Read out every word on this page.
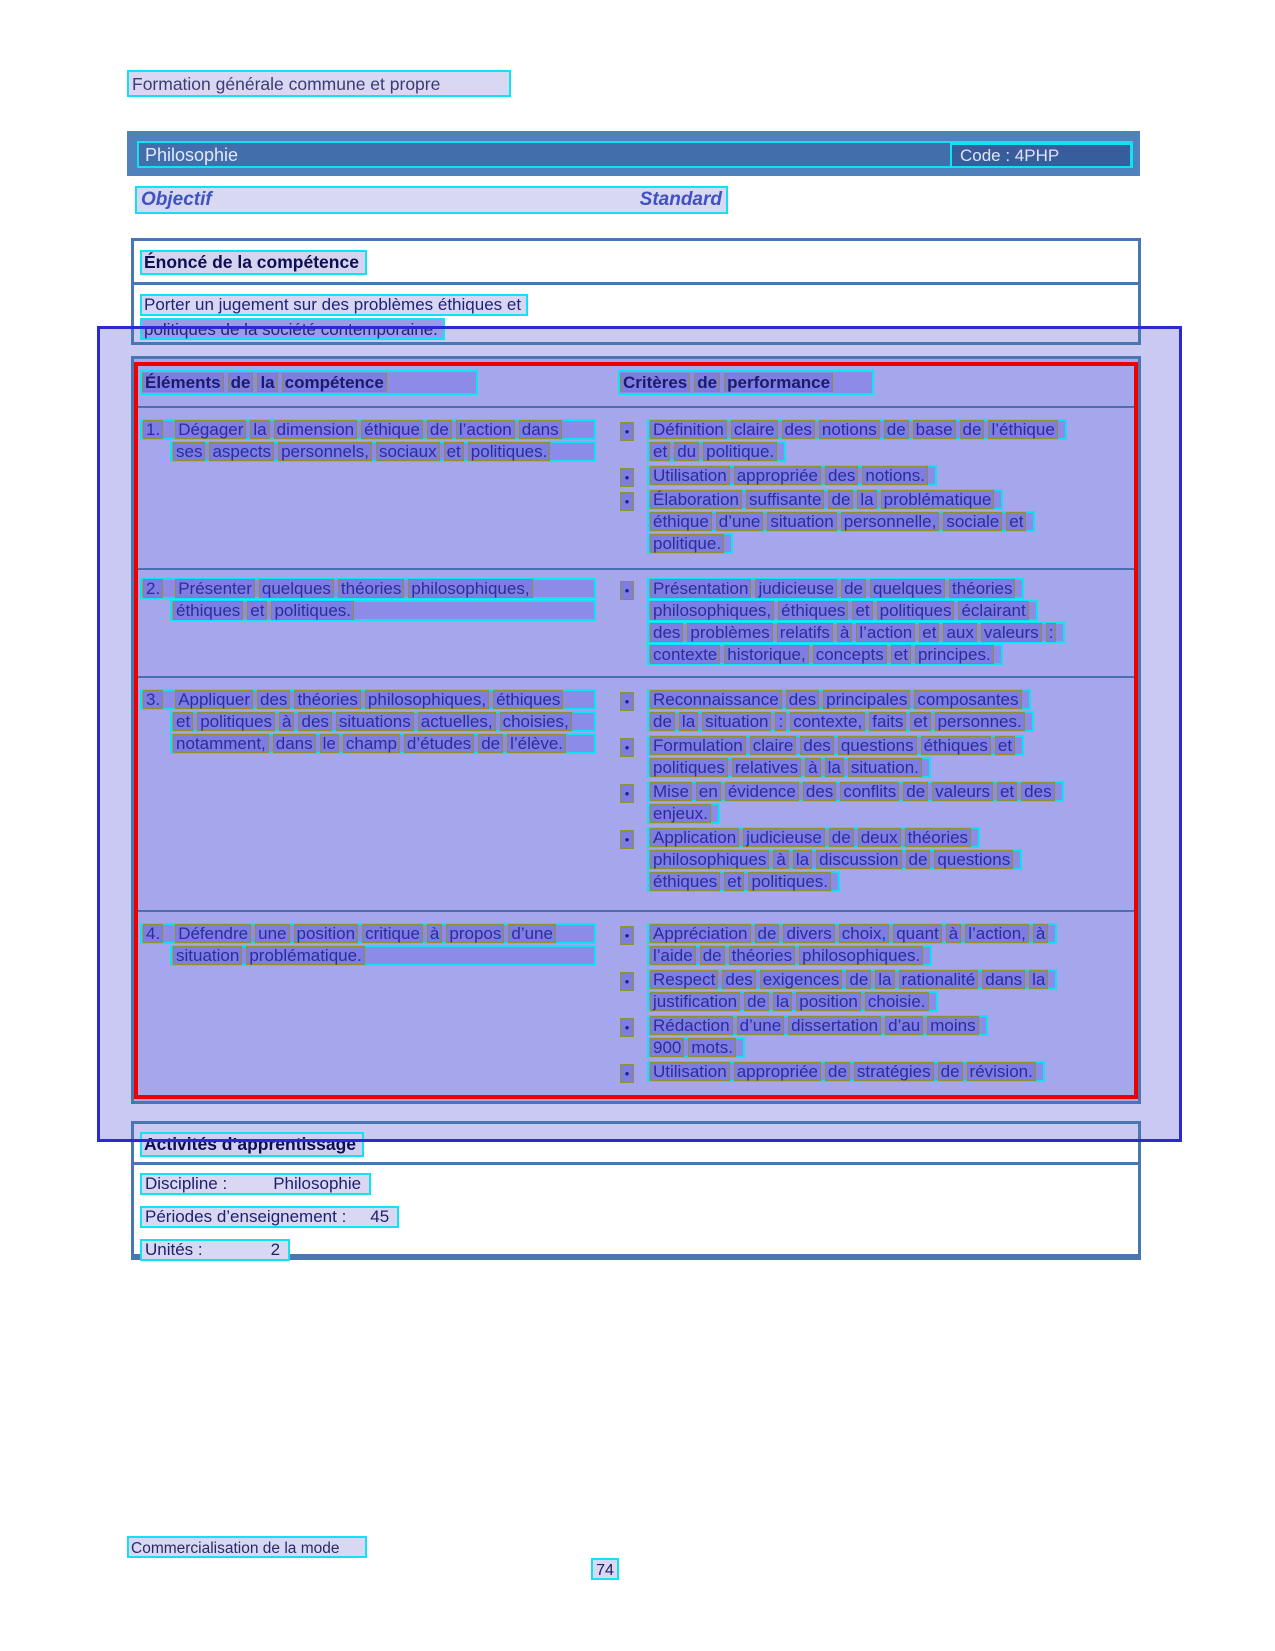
Formation générale commune et propre
Philosophie	Code : 4PHP
Objectif	Standard
Énoncé de la compétence
Porter un jugement sur des problèmes éthiques et
politiques de la société contemporaine.
Éléments de la compétence	Critères de performance
1. Dégager la dimension éthique de l’action dans
ses aspects personnels, sociaux et politiques.
• Définition claire des notions de base de l’éthique
et du politique.
• Utilisation appropriée des notions.
• Élaboration suffisante de la problématique
éthique d’une situation personnelle, sociale et
politique.
2. Présenter quelques théories philosophiques,
éthiques et politiques.
• Présentation judicieuse de quelques théories
philosophiques, éthiques et politiques éclairant
des problèmes relatifs à l’action et aux valeurs :
contexte historique, concepts et principes.
3. Appliquer des théories philosophiques, éthiques
et politiques à des situations actuelles, choisies,
notamment, dans le champ d’études de l’élève.
• Reconnaissance des principales composantes
de la situation : contexte, faits et personnes.
• Formulation claire des questions éthiques et
politiques relatives à la situation.
• Mise en évidence des conflits de valeurs et des
enjeux.
• Application judicieuse de deux théories
philosophiques à la discussion de questions
éthiques et politiques.
4. Défendre une position critique à propos d’une
situation problématique.
• Appréciation de divers choix, quant à l’action, à
l’aide de théories philosophiques.
• Respect des exigences de la rationalité dans la
justification de la position choisie.
• Rédaction d’une dissertation d’au moins
900 mots.
• Utilisation appropriée de stratégies de révision.
Activités d’apprentissage
Discipline :	Philosophie
Périodes d’enseignement : 45
Unités :	2
Commercialisation de la mode
74
